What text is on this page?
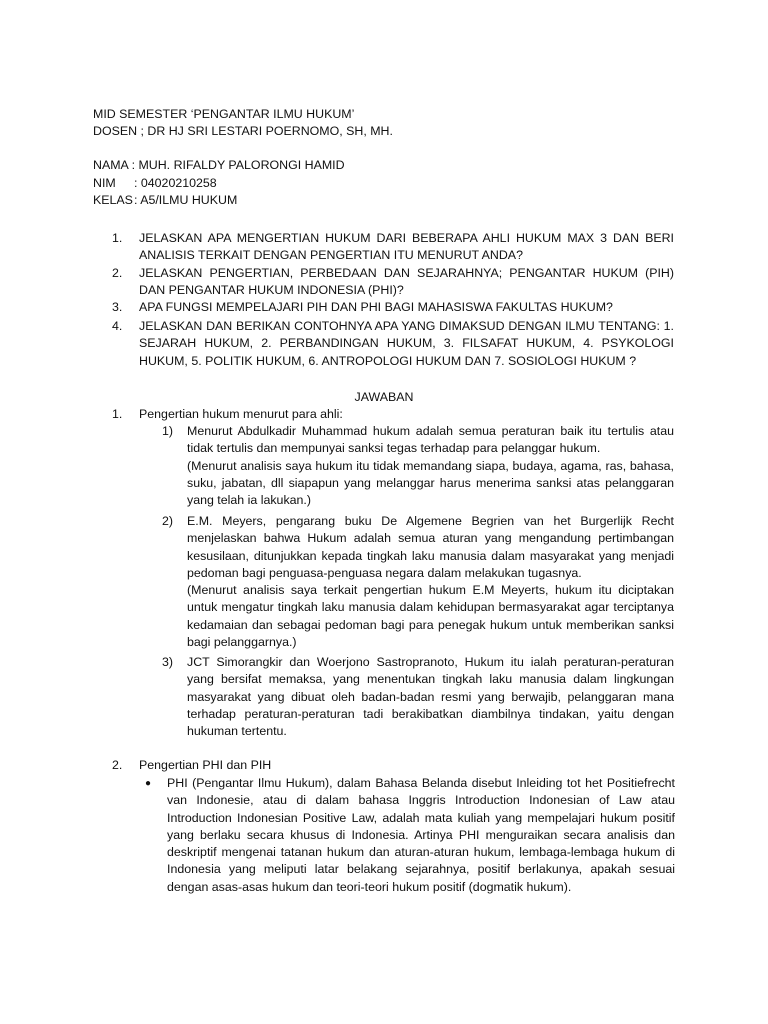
MID SEMESTER ‘PENGANTAR ILMU HUKUM’
DOSEN ; DR HJ SRI LESTARI POERNOMO, SH, MH.
NAMA : MUH. RIFALDY PALORONGI HAMID
NIM : 04020210258
KELAS: A5/ILMU HUKUM
1. JELASKAN APA MENGERTIAN HUKUM DARI BEBERAPA AHLI HUKUM MAX 3 DAN BERI ANALISIS TERKAIT DENGAN PENGERTIAN ITU MENURUT ANDA?
2. JELASKAN PENGERTIAN, PERBEDAAN DAN SEJARAHNYA; PENGANTAR HUKUM (PIH) DAN PENGANTAR HUKUM INDONESIA (PHI)?
3. APA FUNGSI MEMPELAJARI PIH DAN PHI BAGI MAHASISWA FAKULTAS HUKUM?
4. JELASKAN DAN BERIKAN CONTOHNYA APA YANG DIMAKSUD DENGAN ILMU TENTANG: 1. SEJARAH HUKUM, 2. PERBANDINGAN HUKUM, 3. FILSAFAT HUKUM, 4. PSYKOLOGI HUKUM, 5. POLITIK HUKUM, 6. ANTROPOLOGI HUKUM DAN 7. SOSIOLOGI HUKUM ?
JAWABAN
1. Pengertian hukum menurut para ahli:
1) Menurut Abdulkadir Muhammad hukum adalah semua peraturan baik itu tertulis atau tidak tertulis dan mempunyai sanksi tegas terhadap para pelanggar hukum.
(Menurut analisis saya hukum itu tidak memandang siapa, budaya, agama, ras, bahasa, suku, jabatan, dll siapapun yang melanggar harus menerima sanksi atas pelanggaran yang telah ia lakukan.)
2) E.M. Meyers, pengarang buku De Algemene Begrien van het Burgerlijk Recht menjelaskan bahwa Hukum adalah semua aturan yang mengandung pertimbangan kesusilaan, ditunjukkan kepada tingkah laku manusia dalam masyarakat yang menjadi pedoman bagi penguasa-penguasa negara dalam melakukan tugasnya.
(Menurut analisis saya terkait pengertian hukum E.M Meyerts, hukum itu diciptakan untuk mengatur tingkah laku manusia dalam kehidupan bermasyarakat agar terciptanya kedamaian dan sebagai pedoman bagi para penegak hukum untuk memberikan sanksi bagi pelanggarnya.)
3) JCT Simorangkir dan Woerjono Sastropranoto, Hukum itu ialah peraturan-peraturan yang bersifat memaksa, yang menentukan tingkah laku manusia dalam lingkungan masyarakat yang dibuat oleh badan-badan resmi yang berwajib, pelanggaran mana terhadap peraturan-peraturan tadi berakibatkan diambilnya tindakan, yaitu dengan hukuman tertentu.
2. Pengertian PHI dan PIH
● PHI (Pengantar Ilmu Hukum), dalam Bahasa Belanda disebut Inleiding tot het Positiefrecht van Indonesie, atau di dalam bahasa Inggris Introduction Indonesian of Law atau Introduction Indonesian Positive Law, adalah mata kuliah yang mempelajari hukum positif yang berlaku secara khusus di Indonesia. Artinya PHI menguraikan secara analisis dan deskriptif mengenai tatanan hukum dan aturan-aturan hukum, lembaga-lembaga hukum di Indonesia yang meliputi latar belakang sejarahnya, positif berlakunya, apakah sesuai dengan asas-asas hukum dan teori-teori hukum positif (dogmatik hukum).
